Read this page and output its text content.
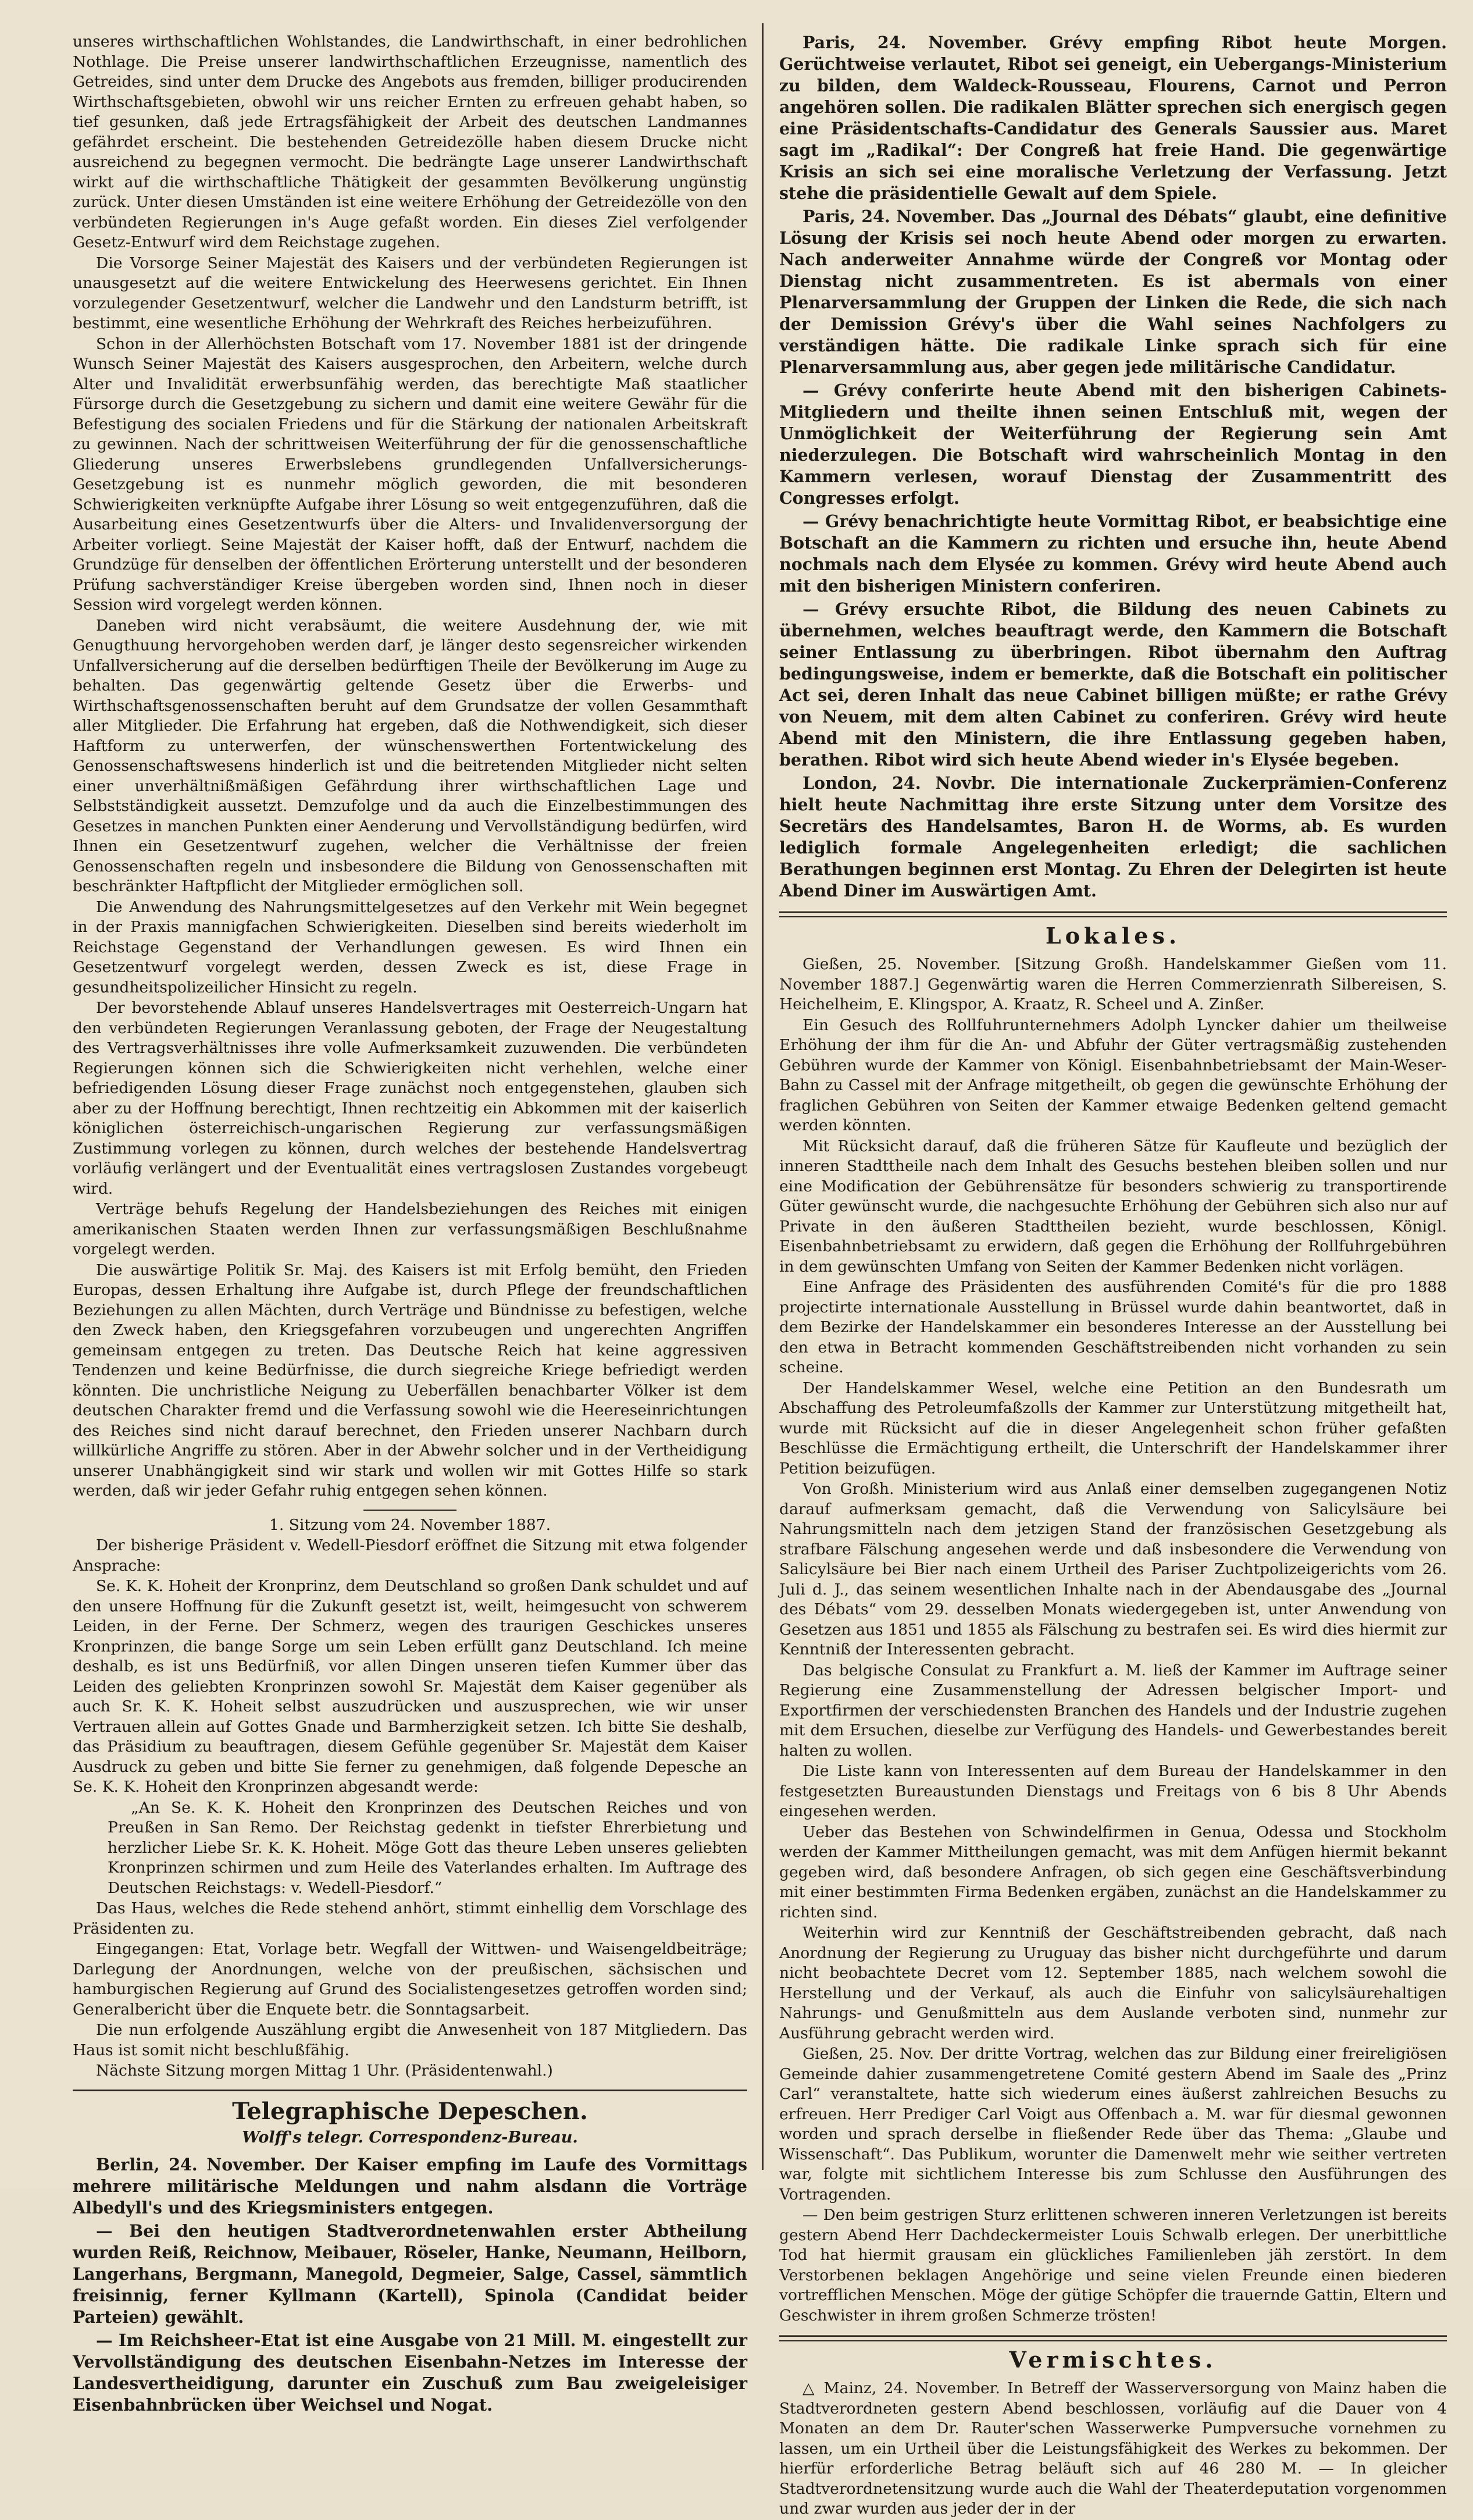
unseres wirthschaftlichen Wohlstandes, die Landwirthschaft, in einer bedrohlichen Nothlage. Die Preise unserer landwirthschaftlichen Erzeugnisse, namentlich des Getreides, sind unter dem Drucke des Angebots aus fremden, billiger producirenden Wirthschaftsgebieten, obwohl wir uns reicher Ernten zu erfreuen gehabt haben, so tief gesunken, daß jede Ertragsfähigkeit der Arbeit des deutschen Landmannes gefährdet erscheint. Die bestehenden Getreidezölle haben diesem Drucke nicht ausreichend zu begegnen vermocht. Die bedrängte Lage unserer Landwirthschaft wirkt auf die wirthschaftliche Thätigkeit der gesammten Bevölkerung ungünstig zurück. Unter diesen Umständen ist eine weitere Erhöhung der Getreidezölle von den verbündeten Regierungen in's Auge gefaßt worden. Ein dieses Ziel verfolgender Gesetz-Entwurf wird dem Reichstage zugehen.

Die Vorsorge Seiner Majestät des Kaisers und der verbündeten Regierungen ist unausgesetzt auf die weitere Entwickelung des Heerwesens gerichtet. Ein Ihnen vorzulegender Gesetzentwurf, welcher die Landwehr und den Landsturm betrifft, ist bestimmt, eine wesentliche Erhöhung der Wehrkraft des Reiches herbeizuführen.

Schon in der Allerhöchsten Botschaft vom 17. November 1881 ist der dringende Wunsch Seiner Majestät des Kaisers ausgesprochen, den Arbeitern, welche durch Alter und Invalidität erwerbsunfähig werden, das berechtigte Maß staatlicher Fürsorge durch die Gesetzgebung zu sichern und damit eine weitere Gewähr für die Befestigung des socialen Friedens und für die Stärkung der nationalen Arbeitskraft zu gewinnen. Nach der schrittweisen Weiterführung der für die genossenschaftliche Gliederung unseres Erwerbslebens grundlegenden Unfallversicherungs-Gesetzgebung ist es nunmehr möglich geworden, die mit besonderen Schwierigkeiten verknüpfte Aufgabe ihrer Lösung so weit entgegenzuführen, daß die Ausarbeitung eines Gesetzentwurfs über die Alters- und Invalidenversorgung der Arbeiter vorliegt. Seine Majestät der Kaiser hofft, daß der Entwurf, nachdem die Grundzüge für denselben der öffentlichen Erörterung unterstellt und der besonderen Prüfung sachverständiger Kreise übergeben worden sind, Ihnen noch in dieser Session wird vorgelegt werden können.

Daneben wird nicht verabsäumt, die weitere Ausdehnung der, wie mit Genugthuung hervorgehoben werden darf, je länger desto segensreicher wirkenden Unfallversicherung auf die derselben bedürftigen Theile der Bevölkerung im Auge zu behalten. Das gegenwärtig geltende Gesetz über die Erwerbs- und Wirthschaftsgenossenschaften beruht auf dem Grundsatze der vollen Gesammthaft aller Mitglieder. Die Erfahrung hat ergeben, daß die Nothwendigkeit, sich dieser Haftform zu unterwerfen, der wünschenswerthen Fortentwickelung des Genossenschaftswesens hinderlich ist und die beitretenden Mitglieder nicht selten einer unverhältnißmäßigen Gefährdung ihrer wirthschaftlichen Lage und Selbstständigkeit aussetzt. Demzufolge und da auch die Einzelbestimmungen des Gesetzes in manchen Punkten einer Aenderung und Vervollständigung bedürfen, wird Ihnen ein Gesetzentwurf zugehen, welcher die Verhältnisse der freien Genossenschaften regeln und insbesondere die Bildung von Genossenschaften mit beschränkter Haftpflicht der Mitglieder ermöglichen soll.

Die Anwendung des Nahrungsmittelgesetzes auf den Verkehr mit Wein begegnet in der Praxis mannigfachen Schwierigkeiten. Dieselben sind bereits wiederholt im Reichstage Gegenstand der Verhandlungen gewesen. Es wird Ihnen ein Gesetzentwurf vorgelegt werden, dessen Zweck es ist, diese Frage in gesundheitspolizeilicher Hinsicht zu regeln.

Der bevorstehende Ablauf unseres Handelsvertrages mit Oesterreich-Ungarn hat den verbündeten Regierungen Veranlassung geboten, der Frage der Neugestaltung des Vertragsverhältnisses ihre volle Aufmerksamkeit zuzuwenden. Die verbündeten Regierungen können sich die Schwierigkeiten nicht verhehlen, welche einer befriedigenden Lösung dieser Frage zunächst noch entgegenstehen, glauben sich aber zu der Hoffnung berechtigt, Ihnen rechtzeitig ein Abkommen mit der kaiserlich königlichen österreichisch-ungarischen Regierung zur verfassungsmäßigen Zustimmung vorlegen zu können, durch welches der bestehende Handelsvertrag vorläufig verlängert und der Eventualität eines vertragslosen Zustandes vorgebeugt wird.

Verträge behufs Regelung der Handelsbeziehungen des Reiches mit einigen amerikanischen Staaten werden Ihnen zur verfassungsmäßigen Beschlußnahme vorgelegt werden.

Die auswärtige Politik Sr. Maj. des Kaisers ist mit Erfolg bemüht, den Frieden Europas, dessen Erhaltung ihre Aufgabe ist, durch Pflege der freundschaftlichen Beziehungen zu allen Mächten, durch Verträge und Bündnisse zu befestigen, welche den Zweck haben, den Kriegsgefahren vorzubeugen und ungerechten Angriffen gemeinsam entgegen zu treten. Das Deutsche Reich hat keine aggressiven Tendenzen und keine Bedürfnisse, die durch siegreiche Kriege befriedigt werden könnten. Die unchristliche Neigung zu Ueberfällen benachbarter Völker ist dem deutschen Charakter fremd und die Verfassung sowohl wie die Heereseinrichtungen des Reiches sind nicht darauf berechnet, den Frieden unserer Nachbarn durch willkürliche Angriffe zu stören. Aber in der Abwehr solcher und in der Vertheidigung unserer Unabhängigkeit sind wir stark und wollen wir mit Gottes Hilfe so stark werden, daß wir jeder Gefahr ruhig entgegen sehen können.

1. Sitzung vom 24. November 1887.

Der bisherige Präsident v. Wedell-Piesdorf eröffnet die Sitzung mit etwa folgender Ansprache:

Se. K. K. Hoheit der Kronprinz, dem Deutschland so großen Dank schuldet und auf den unsere Hoffnung für die Zukunft gesetzt ist, weilt, heimgesucht von schwerem Leiden, in der Ferne. Der Schmerz, wegen des traurigen Geschickes unseres Kronprinzen, die bange Sorge um sein Leben erfüllt ganz Deutschland. Ich meine deshalb, es ist uns Bedürfniß, vor allen Dingen unseren tiefen Kummer über das Leiden des geliebten Kronprinzen sowohl Sr. Majestät dem Kaiser gegenüber als auch Sr. K. K. Hoheit selbst auszudrücken und auszusprechen, wie wir unser Vertrauen allein auf Gottes Gnade und Barmherzigkeit setzen. Ich bitte Sie deshalb, das Präsidium zu beauftragen, diesem Gefühle gegenüber Sr. Majestät dem Kaiser Ausdruck zu geben und bitte Sie ferner zu genehmigen, daß folgende Depesche an Se. K. K. Hoheit den Kronprinzen abgesandt werde:

„An Se. K. K. Hoheit den Kronprinzen des Deutschen Reiches und von Preußen in San Remo. Der Reichstag gedenkt in tiefster Ehrerbietung und herzlicher Liebe Sr. K. K. Hoheit. Möge Gott das theure Leben unseres geliebten Kronprinzen schirmen und zum Heile des Vaterlandes erhalten. Im Auftrage des Deutschen Reichstags: v. Wedell-Piesdorf.“

Das Haus, welches die Rede stehend anhört, stimmt einhellig dem Vorschlage des Präsidenten zu.

Eingegangen: Etat, Vorlage betr. Wegfall der Wittwen- und Waisengeldbeiträge; Darlegung der Anordnungen, welche von der preußischen, sächsischen und hamburgischen Regierung auf Grund des Socialistengesetzes getroffen worden sind; Generalbericht über die Enquete betr. die Sonntagsarbeit.

Die nun erfolgende Auszählung ergibt die Anwesenheit von 187 Mitgliedern. Das Haus ist somit nicht beschlußfähig.

Nächste Sitzung morgen Mittag 1 Uhr. (Präsidentenwahl.)

Telegraphische Depeschen.
Wolff's telegr. Correspondenz-Bureau.

Berlin, 24. November. Der Kaiser empfing im Laufe des Vormittags mehrere militärische Meldungen und nahm alsdann die Vorträge Albedyll's und des Kriegsministers entgegen.

— Bei den heutigen Stadtverordnetenwahlen erster Abtheilung wurden Reiß, Reichnow, Meibauer, Röseler, Hanke, Neumann, Heilborn, Langerhans, Bergmann, Manegold, Degmeier, Salge, Cassel, sämmtlich freisinnig, ferner Kyllmann (Kartell), Spinola (Candidat beider Parteien) gewählt.

— Im Reichsheer-Etat ist eine Ausgabe von 21 Mill. M. eingestellt zur Vervollständigung des deutschen Eisenbahn-Netzes im Interesse der Landesvertheidigung, darunter ein Zuschuß zum Bau zweigeleisiger Eisenbahnbrücken über Weichsel und Nogat.

Paris, 24. November. Grévy empfing Ribot heute Morgen. Gerüchtweise verlautet, Ribot sei geneigt, ein Uebergangs-Ministerium zu bilden, dem Waldeck-Rousseau, Flourens, Carnot und Perron angehören sollen. Die radikalen Blätter sprechen sich energisch gegen eine Präsidentschafts-Candidatur des Generals Saussier aus. Maret sagt im „Radikal“: Der Congreß hat freie Hand. Die gegenwärtige Krisis an sich sei eine moralische Verletzung der Verfassung. Jetzt stehe die präsidentielle Gewalt auf dem Spiele.

Paris, 24. November. Das „Journal des Débats“ glaubt, eine definitive Lösung der Krisis sei noch heute Abend oder morgen zu erwarten. Nach anderweiter Annahme würde der Congreß vor Montag oder Dienstag nicht zusammentreten. Es ist abermals von einer Plenarversammlung der Gruppen der Linken die Rede, die sich nach der Demission Grévy's über die Wahl seines Nachfolgers zu verständigen hätte. Die radikale Linke sprach sich für eine Plenarversammlung aus, aber gegen jede militärische Candidatur.

— Grévy conferirte heute Abend mit den bisherigen Cabinets-Mitgliedern und theilte ihnen seinen Entschluß mit, wegen der Unmöglichkeit der Weiterführung der Regierung sein Amt niederzulegen. Die Botschaft wird wahrscheinlich Montag in den Kammern verlesen, worauf Dienstag der Zusammentritt des Congresses erfolgt.

— Grévy benachrichtigte heute Vormittag Ribot, er beabsichtige eine Botschaft an die Kammern zu richten und ersuche ihn, heute Abend nochmals nach dem Elysée zu kommen. Grévy wird heute Abend auch mit den bisherigen Ministern conferiren.

— Grévy ersuchte Ribot, die Bildung des neuen Cabinets zu übernehmen, welches beauftragt werde, den Kammern die Botschaft seiner Entlassung zu überbringen. Ribot übernahm den Auftrag bedingungsweise, indem er bemerkte, daß die Botschaft ein politischer Act sei, deren Inhalt das neue Cabinet billigen müßte; er rathe Grévy von Neuem, mit dem alten Cabinet zu conferiren. Grévy wird heute Abend mit den Ministern, die ihre Entlassung gegeben haben, berathen. Ribot wird sich heute Abend wieder in's Elysée begeben.

London, 24. Novbr. Die internationale Zuckerprämien-Conferenz hielt heute Nachmittag ihre erste Sitzung unter dem Vorsitze des Secretärs des Handelsamtes, Baron H. de Worms, ab. Es wurden lediglich formale Angelegenheiten erledigt; die sachlichen Berathungen beginnen erst Montag. Zu Ehren der Delegirten ist heute Abend Diner im Auswärtigen Amt.

Lokales.

Gießen, 25. November. [Sitzung Großh. Handelskammer Gießen vom 11. November 1887.] Gegenwärtig waren die Herren Commerzienrath Silbereisen, S. Heichelheim, E. Klingspor, A. Kraatz, R. Scheel und A. Zinßer.

Ein Gesuch des Rollfuhrunternehmers Adolph Lyncker dahier um theilweise Erhöhung der ihm für die An- und Abfuhr der Güter vertragsmäßig zustehenden Gebühren wurde der Kammer von Königl. Eisenbahnbetriebsamt der Main-Weser-Bahn zu Cassel mit der Anfrage mitgetheilt, ob gegen die gewünschte Erhöhung der fraglichen Gebühren von Seiten der Kammer etwaige Bedenken geltend gemacht werden könnten.

Mit Rücksicht darauf, daß die früheren Sätze für Kaufleute und bezüglich der inneren Stadttheile nach dem Inhalt des Gesuchs bestehen bleiben sollen und nur eine Modification der Gebührensätze für besonders schwierig zu transportirende Güter gewünscht wurde, die nachgesuchte Erhöhung der Gebühren sich also nur auf Private in den äußeren Stadttheilen bezieht, wurde beschlossen, Königl. Eisenbahnbetriebsamt zu erwidern, daß gegen die Erhöhung der Rollfuhrgebühren in dem gewünschten Umfang von Seiten der Kammer Bedenken nicht vorlägen.

Eine Anfrage des Präsidenten des ausführenden Comité's für die pro 1888 projectirte internationale Ausstellung in Brüssel wurde dahin beantwortet, daß in dem Bezirke der Handelskammer ein besonderes Interesse an der Ausstellung bei den etwa in Betracht kommenden Geschäftstreibenden nicht vorhanden zu sein scheine.

Der Handelskammer Wesel, welche eine Petition an den Bundesrath um Abschaffung des Petroleumfaßzolls der Kammer zur Unterstützung mitgetheilt hat, wurde mit Rücksicht auf die in dieser Angelegenheit schon früher gefaßten Beschlüsse die Ermächtigung ertheilt, die Unterschrift der Handelskammer ihrer Petition beizufügen.

Von Großh. Ministerium wird aus Anlaß einer demselben zugegangenen Notiz darauf aufmerksam gemacht, daß die Verwendung von Salicylsäure bei Nahrungsmitteln nach dem jetzigen Stand der französischen Gesetzgebung als strafbare Fälschung angesehen werde und daß insbesondere die Verwendung von Salicylsäure bei Bier nach einem Urtheil des Pariser Zuchtpolizeigerichts vom 26. Juli d. J., das seinem wesentlichen Inhalte nach in der Abendausgabe des „Journal des Débats“ vom 29. desselben Monats wiedergegeben ist, unter Anwendung von Gesetzen aus 1851 und 1855 als Fälschung zu bestrafen sei. Es wird dies hiermit zur Kenntniß der Interessenten gebracht.

Das belgische Consulat zu Frankfurt a. M. ließ der Kammer im Auftrage seiner Regierung eine Zusammenstellung der Adressen belgischer Import- und Exportfirmen der verschiedensten Branchen des Handels und der Industrie zugehen mit dem Ersuchen, dieselbe zur Verfügung des Handels- und Gewerbestandes bereit halten zu wollen.

Die Liste kann von Interessenten auf dem Bureau der Handelskammer in den festgesetzten Bureaustunden Dienstags und Freitags von 6 bis 8 Uhr Abends eingesehen werden.

Ueber das Bestehen von Schwindelfirmen in Genua, Odessa und Stockholm werden der Kammer Mittheilungen gemacht, was mit dem Anfügen hiermit bekannt gegeben wird, daß besondere Anfragen, ob sich gegen eine Geschäftsverbindung mit einer bestimmten Firma Bedenken ergäben, zunächst an die Handelskammer zu richten sind.

Weiterhin wird zur Kenntniß der Geschäftstreibenden gebracht, daß nach Anordnung der Regierung zu Uruguay das bisher nicht durchgeführte und darum nicht beobachtete Decret vom 12. September 1885, nach welchem sowohl die Herstellung und der Verkauf, als auch die Einfuhr von salicylsäurehaltigen Nahrungs- und Genußmitteln aus dem Auslande verboten sind, nunmehr zur Ausführung gebracht werden wird.

Gießen, 25. Nov. Der dritte Vortrag, welchen das zur Bildung einer freireligiösen Gemeinde dahier zusammengetretene Comité gestern Abend im Saale des „Prinz Carl“ veranstaltete, hatte sich wiederum eines äußerst zahlreichen Besuchs zu erfreuen. Herr Prediger Carl Voigt aus Offenbach a. M. war für diesmal gewonnen worden und sprach derselbe in fließender Rede über das Thema: „Glaube und Wissenschaft“. Das Publikum, worunter die Damenwelt mehr wie seither vertreten war, folgte mit sichtlichem Interesse bis zum Schlusse den Ausführungen des Vortragenden.

— Den beim gestrigen Sturz erlittenen schweren inneren Verletzungen ist bereits gestern Abend Herr Dachdeckermeister Louis Schwalb erlegen. Der unerbittliche Tod hat hiermit grausam ein glückliches Familienleben jäh zerstört. In dem Verstorbenen beklagen Angehörige und seine vielen Freunde einen biederen vortrefflichen Menschen. Möge der gütige Schöpfer die trauernde Gattin, Eltern und Geschwister in ihrem großen Schmerze trösten!

Vermischtes.

△ Mainz, 24. November. In Betreff der Wasserversorgung von Mainz haben die Stadtverordneten gestern Abend beschlossen, vorläufig auf die Dauer von 4 Monaten an dem Dr. Rauter'schen Wasserwerke Pumpversuche vornehmen zu lassen, um ein Urtheil über die Leistungsfähigkeit des Werkes zu bekommen. Der hierfür erforderliche Betrag beläuft sich auf 46 280 M. — In gleicher Stadtverordnetensitzung wurde auch die Wahl der Theaterdeputation vorgenommen und zwar wurden aus jeder der in der
